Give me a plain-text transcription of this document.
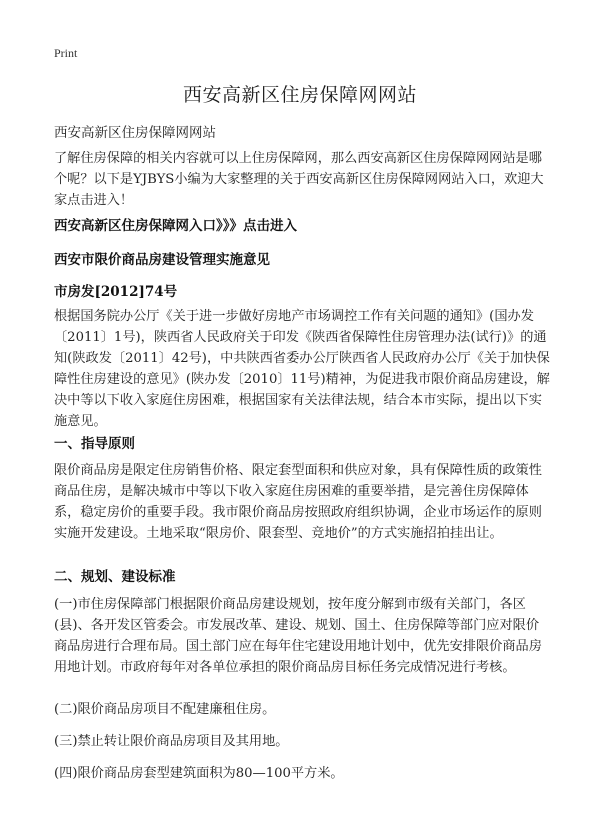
Print
西安高新区住房保障网网站
西安高新区住房保障网网站
了解住房保障的相关内容就可以上住房保障网，那么西安高新区住房保障网网站是哪个呢？以下是YJBYS小编为大家整理的关于西安高新区住房保障网网站入口，欢迎大家点击进入！
西安高新区住房保障网入口》》》点击进入
西安市限价商品房建设管理实施意见
市房发[2012]74号
根据国务院办公厅《关于进一步做好房地产市场调控工作有关问题的通知》(国办发〔2011〕1号)，陕西省人民政府关于印发《陕西省保障性住房管理办法(试行)》的通知(陕政发〔2011〕42号)，中共陕西省委办公厅陕西省人民政府办公厅《关于加快保障性住房建设的意见》(陕办发〔2010〕11号)精神，为促进我市限价商品房建设，解决中等以下收入家庭住房困难，根据国家有关法律法规，结合本市实际，提出以下实施意见。
一、指导原则
限价商品房是限定住房销售价格、限定套型面积和供应对象，具有保障性质的政策性商品住房，是解决城市中等以下收入家庭住房困难的重要举措，是完善住房保障体系，稳定房价的重要手段。我市限价商品房按照政府组织协调，企业市场运作的原则实施开发建设。土地采取“限房价、限套型、竞地价”的方式实施招拍挂出让。
二、规划、建设标准
(一)市住房保障部门根据限价商品房建设规划，按年度分解到市级有关部门，各区(县)、各开发区管委会。市发展改革、建设、规划、国土、住房保障等部门应对限价商品房进行合理布局。国土部门应在每年住宅建设用地计划中，优先安排限价商品房用地计划。市政府每年对各单位承担的限价商品房目标任务完成情况进行考核。
(二)限价商品房项目不配建廉租住房。
(三)禁止转让限价商品房项目及其用地。
(四)限价商品房套型建筑面积为80—100平方米。
